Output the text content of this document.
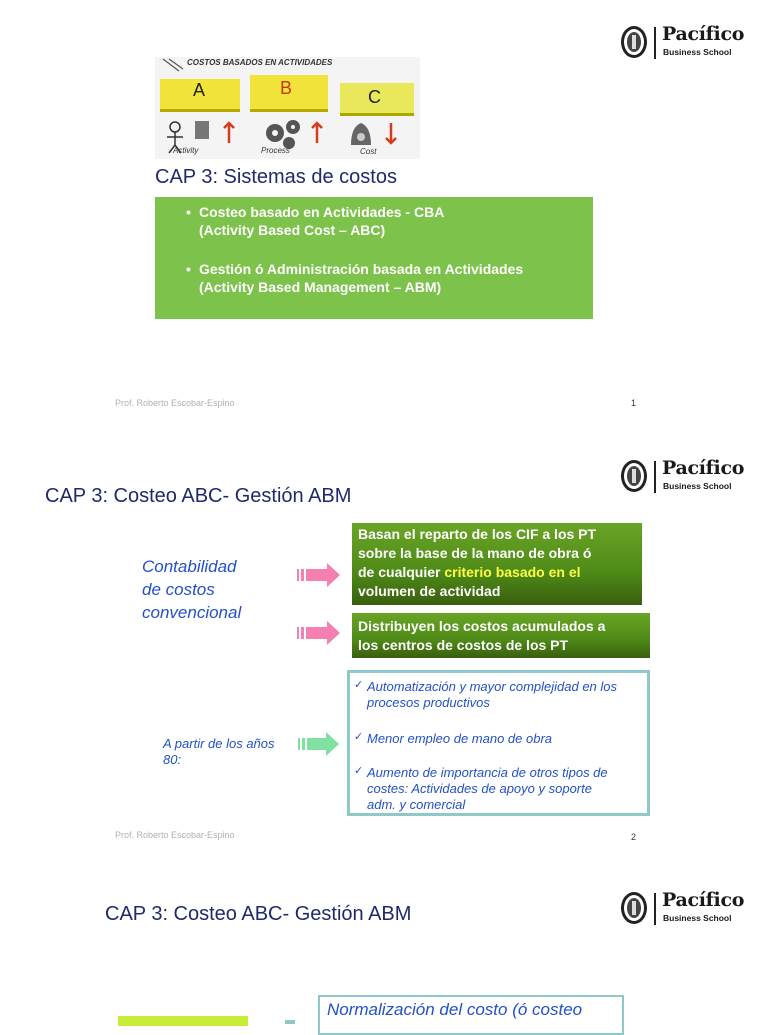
Pacífico
Business School
COSTOS BASADOS EN ACTIVIDADES
A	B	C
Activity	Process	Cost
CAP 3: Sistemas de costos
• Costeo basado en Actividades - CBA
(Activity Based Cost – ABC)
• Gestión ó Administración basada en Actividades
(Activity Based Management – ABM)
Prof. Roberto Escobar-Espino	1
Pacífico
Business School
CAP 3: Costeo ABC- Gestión ABM
Contabilidad
de costos
convencional
Basan el reparto de los CIF a los PT
sobre la base de la mano de obra ó
de cualquier criterio basado en el
volumen de actividad
Distribuyen los costos acumulados a
los centros de costos de los PT
A partir de los años
80:
✓ Automatización y mayor complejidad en los
procesos productivos
✓ Menor empleo de mano de obra
✓ Aumento de importancia de otros tipos de
costes: Actividades de apoyo y soporte
adm. y comercial
Prof. Roberto Escobar-Espino	2
Pacífico
Business School
CAP 3: Costeo ABC- Gestión ABM
Normalización del costo (ó costeo
